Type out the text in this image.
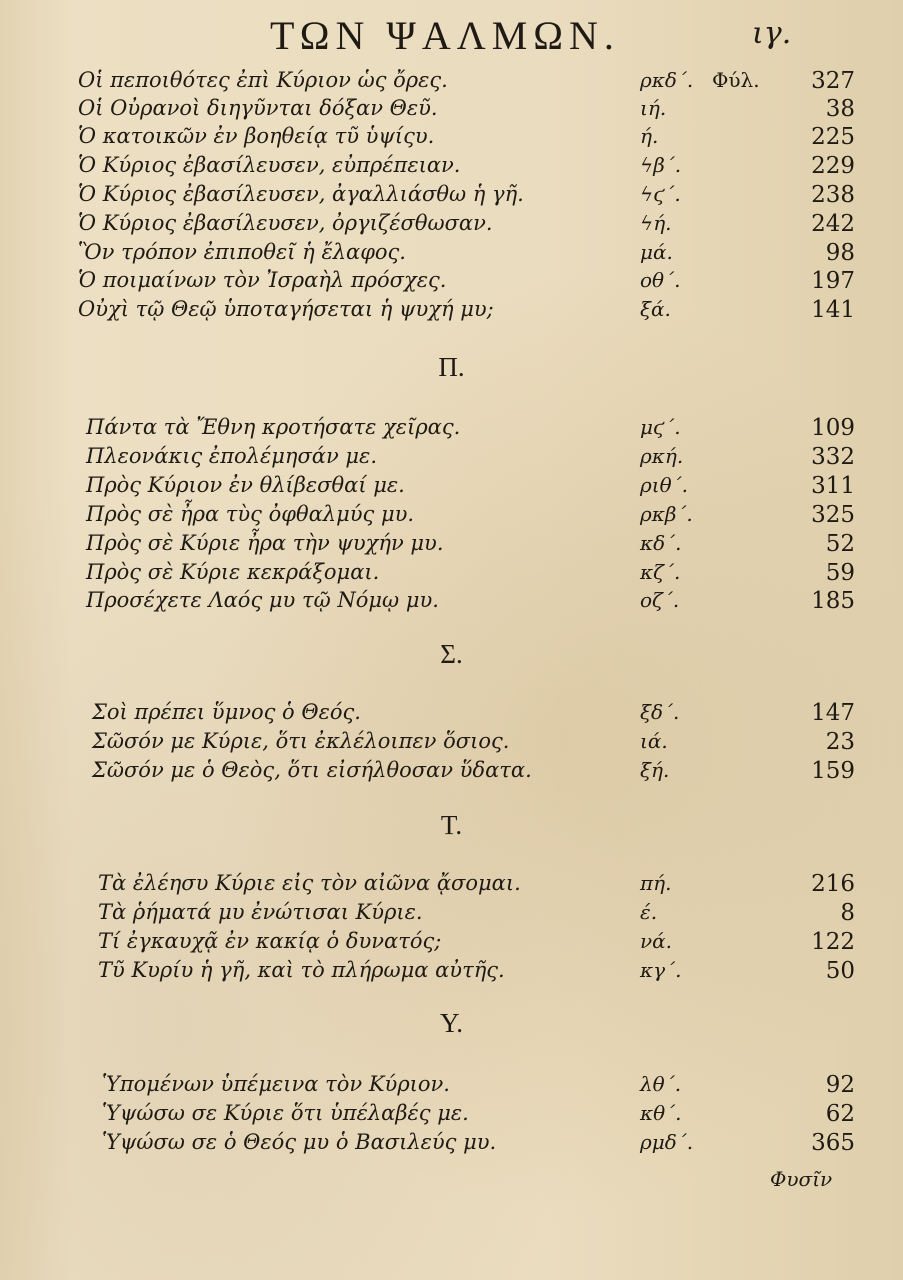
ΤΩΝ ΨΑΛΜΩΝ.	ιγ.
Οἱ πεποιθότες ἐπὶ Κύριον ὡς ὄρες.	ρκδ΄. Φύλ. 327
Οἱ Οὐρανοὶ διηγῦνται δόξαν Θεῦ.	ιή.	38
Ὁ κατοικῶν ἐν βοηθείᾳ τῦ ὑψίςυ.	ή.	225
Ὁ Κύριος ἐβασίλευσεν, εὐπρέπειαν.	ϟβ΄.	229
Ὁ Κύριος ἐβασίλευσεν, ἀγαλλιάσθω ἡ γῆ.	ϟϛ΄.	238
Ὁ Κύριος ἐβασίλευσεν, ὀργιζέσθωσαν.	ϟή.	242
Ὃν τρόπον ἐπιποθεῖ ἡ ἔλαφος.	μά.	98
Ὁ ποιμαίνων τὸν Ἰσραὴλ πρόσχες.	οθ΄.	197
Οὐχὶ τῷ Θεῷ ὑποταγήσεται ἡ ψυχή μυ;	ξά.	141
Π.
Πάντα τὰ Ἔθνη κροτήσατε χεῖρας.	μϛ΄.	109
Πλεονάκις ἐπολέμησάν με.	ρκή.	332
Πρὸς Κύριον ἐν θλίβεσθαί με.	ριθ΄.	311
Πρὸς σὲ ἦρα τὺς ὀφθαλμύς μυ.	ρκβ΄.	325
Πρὸς σὲ Κύριε ἦρα τὴν ψυχήν μυ.	κδ΄.	52
Πρὸς σὲ Κύριε κεκράξομαι.	κζ΄.	59
Προσέχετε Λαός μυ τῷ Νόμῳ μυ.	οζ΄.	185
Σ.
Σοὶ πρέπει ὕμνος ὁ Θεός.	ξδ΄.	147
Σῶσόν με Κύριε, ὅτι ἐκλέλοιπεν ὅσιος.	ιά.	23
Σῶσόν με ὁ Θεὸς, ὅτι εἰσήλθοσαν ὕδατα.	ξή.	159
Τ.
Τὰ ἐλέησυ Κύριε εἰς τὸν αἰῶνα ᾄσομαι.	πή.	216
Τὰ ῥήματά μυ ἐνώτισαι Κύριε.	έ.	8
Τί ἐγκαυχᾷ ἐν κακίᾳ ὁ δυνατός;	νά.	122
Τῦ Κυρίυ ἡ γῆ, καὶ τὸ πλήρωμα αὐτῆς.	κγ΄.	50
Υ.
Ὑπομένων ὑπέμεινα τὸν Κύριον.	λθ΄.	92
Ὑψώσω σε Κύριε ὅτι ὑπέλαβές με.	κθ΄.	62
Ὑψώσω σε ὁ Θεός μυ ὁ Βασιλεύς μυ.	ρμδ΄.	365
Φυσῖν
